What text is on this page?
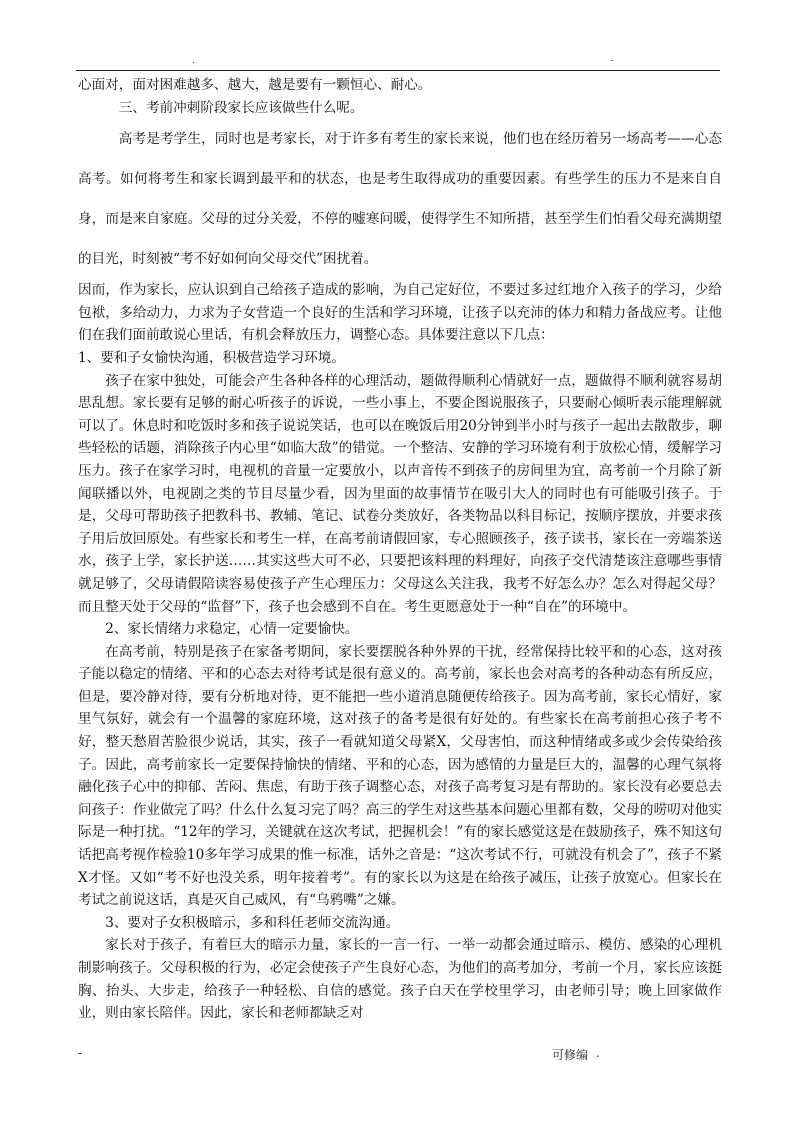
.	-

心面对，面对困难越多、越大，越是要有一颗恒心、耐心。

三、考前冲刺阶段家长应该做些什么呢。

高考是考学生，同时也是考家长，对于许多有考生的家长来说，他们也在经历着另一场高考——心态高考。如何将考生和家长调到最平和的状态，也是考生取得成功的重要因素。有些学生的压力不是来自自身，而是来自家庭。父母的过分关爱，不停的嘘寒问暖，使得学生不知所措，甚至学生们怕看父母充满期望的目光，时刻被“考不好如何向父母交代”困扰着。

因而，作为家长，应认识到自己给孩子造成的影响，为自己定好位，不要过多过红地介入孩子的学习，少给包袱，多给动力，力求为子女营造一个良好的生活和学习环境，让孩子以充沛的体力和精力备战应考。让他们在我们面前敢说心里话，有机会释放压力，调整心态。具体要注意以下几点：

1、要和子女愉快沟通，积极营造学习环境。

孩子在家中独处，可能会产生各种各样的心理活动，题做得顺利心情就好一点，题做得不顺利就容易胡思乱想。家长要有足够的耐心听孩子的诉说，一些小事上，不要企图说服孩子，只要耐心倾听表示能理解就可以了。休息时和吃饭时多和孩子说说笑话，也可以在晚饭后用20分钟到半小时与孩子一起出去散散步，聊些轻松的话题，消除孩子内心里“如临大敌”的错觉。一个整洁、安静的学习环境有利于放松心情，缓解学习压力。孩子在家学习时，电视机的音量一定要放小，以声音传不到孩子的房间里为宜，高考前一个月除了新闻联播以外，电视剧之类的节目尽量少看，因为里面的故事情节在吸引大人的同时也有可能吸引孩子。于是，父母可帮助孩子把教科书、教辅、笔记、试卷分类放好，各类物品以科目标记，按顺序摆放，并要求孩子用后放回原处。有些家长和考生一样，在高考前请假回家，专心照顾孩子，孩子读书，家长在一旁端茶送水，孩子上学，家长护送……其实这些大可不必，只要把该料理的料理好，向孩子交代清楚该注意哪些事情就足够了，父母请假陪读容易使孩子产生心理压力：父母这么关注我，我考不好怎么办？怎么对得起父母？而且整天处于父母的“监督”下，孩子也会感到不自在。考生更愿意处于一种“自在”的环境中。

2、家长情绪力求稳定，心情一定要愉快。

在高考前，特别是孩子在家备考期间，家长要摆脱各种外界的干扰，经常保持比较平和的心态，这对孩子能以稳定的情绪、平和的心态去对待考试是很有意义的。高考前，家长也会对高考的各种动态有所反应，但是，要冷静对待，要有分析地对待，更不能把一些小道消息随便传给孩子。因为高考前，家长心情好，家里气氛好，就会有一个温馨的家庭环境，这对孩子的备考是很有好处的。有些家长在高考前担心孩子考不好，整天愁眉苦脸很少说话，其实，孩子一看就知道父母紧X，父母害怕，而这种情绪或多或少会传染给孩子。因此，高考前家长一定要保持愉快的情绪、平和的心态，因为感情的力量是巨大的，温馨的心理气氛将融化孩子心中的抑郁、苦闷、焦虑，有助于孩子调整心态，对孩子高考复习是有帮助的。家长没有必要总去问孩子：作业做完了吗？什么什么复习完了吗？高三的学生对这些基本问题心里都有数，父母的唠叨对他实际是一种打扰。“12年的学习，关键就在这次考试，把握机会！”有的家长感觉这是在鼓励孩子，殊不知这句话把高考视作检验10多年学习成果的惟一标准，话外之音是：“这次考试不行，可就没有机会了”，孩子不紧X才怪。又如“考不好也没关系，明年接着考”。有的家长以为这是在给孩子减压，让孩子放宽心。但家长在考试之前说这话，真是灭自己威风，有“乌鸦嘴”之嫌。

3、要对子女积极暗示，多和科任老师交流沟通。

家长对于孩子，有着巨大的暗示力量，家长的一言一行、一举一动都会通过暗示、模仿、感染的心理机制影响孩子。父母积极的行为，必定会使孩子产生良好心态，为他们的高考加分，考前一个月，家长应该挺胸、抬头、大步走，给孩子一种轻松、自信的感觉。孩子白天在学校里学习，由老师引导；晚上回家做作业，则由家长陪伴。因此，家长和老师都缺乏对

-	可修编 .
